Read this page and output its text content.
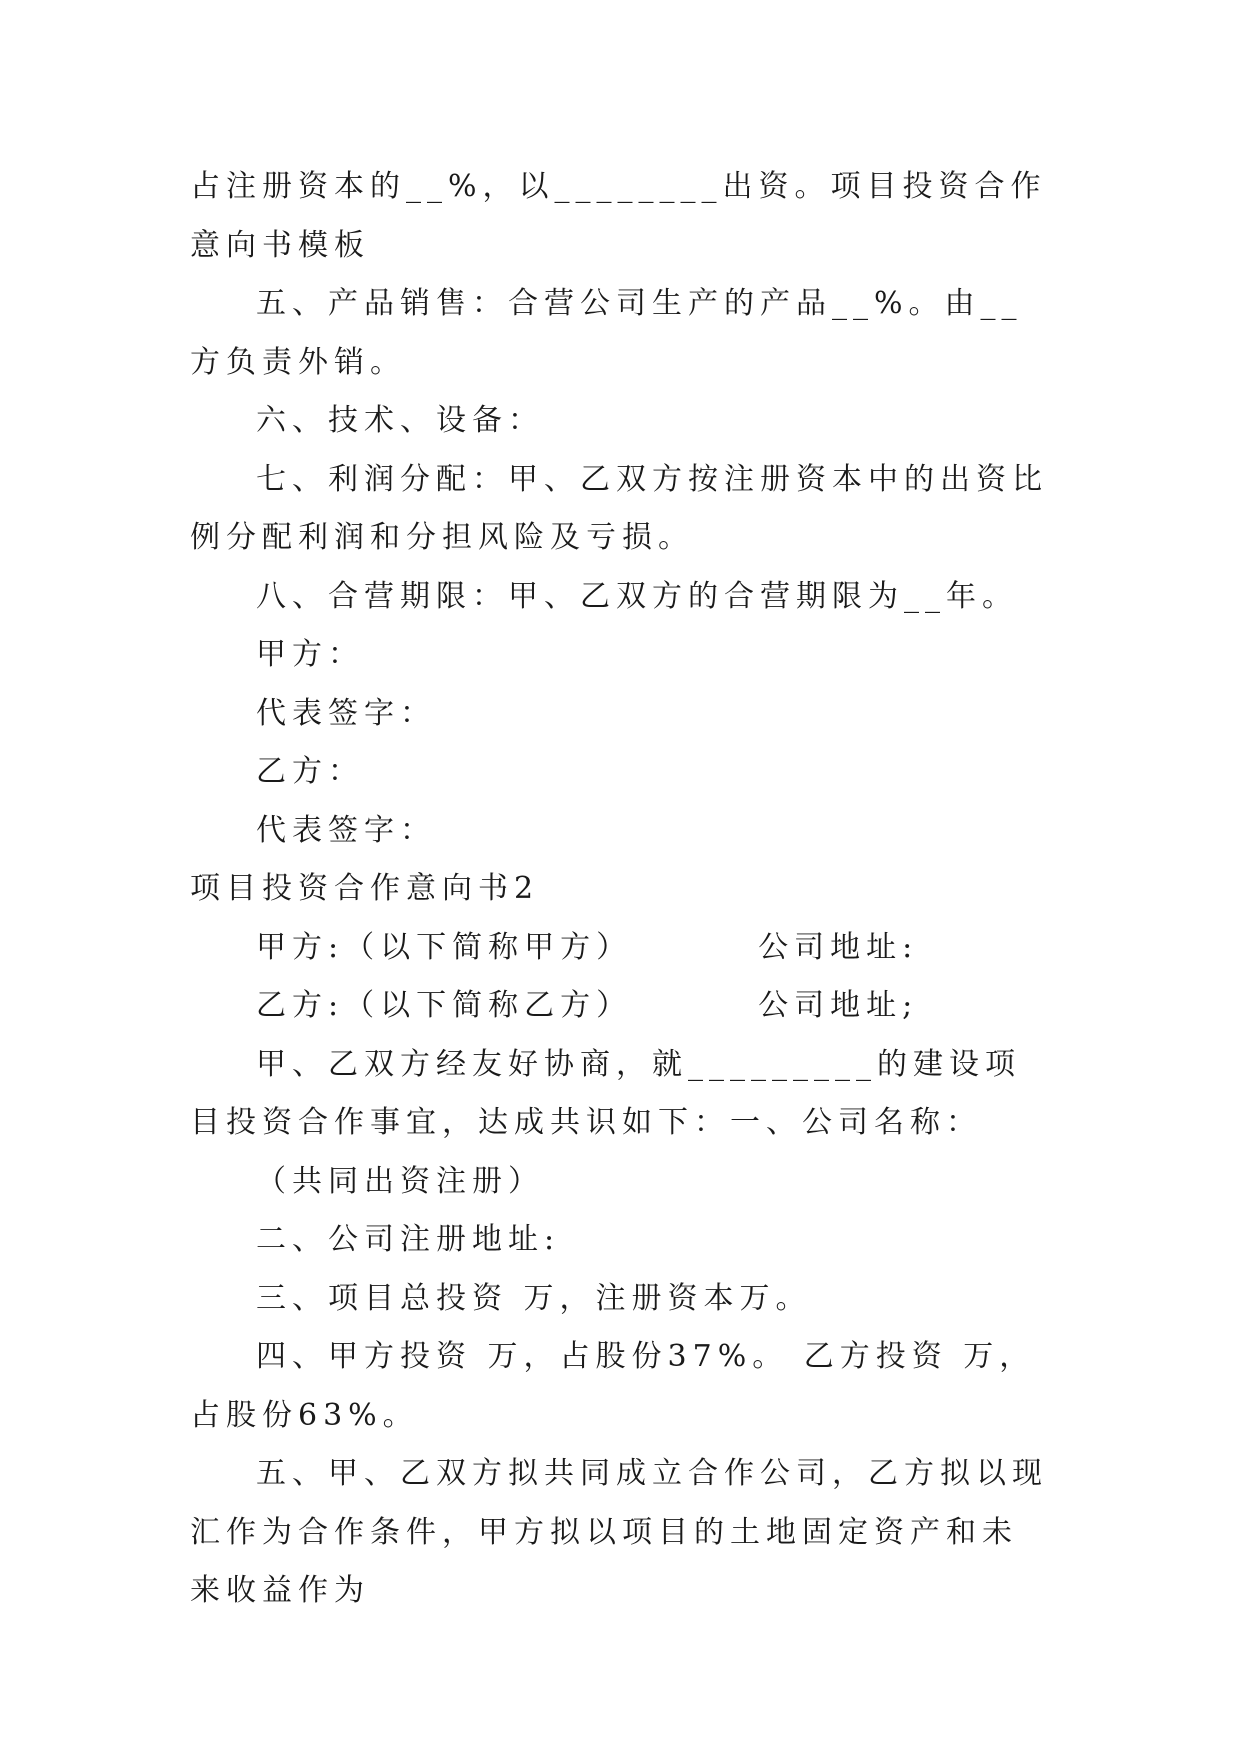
占注册资本的__%，以________出资。项目投资合作意向书模板

五、产品销售：合营公司生产的产品__%。由__方负责外销。

六、技术、设备：

七、利润分配：甲、乙双方按注册资本中的出资比例分配利润和分担风险及亏损。

八、合营期限：甲、乙双方的合营期限为__年。

甲方：

代表签字：

乙方：

代表签字：

项目投资合作意向书2

甲方:（以下简称甲方）	公司地址:

乙方:（以下简称乙方）	公司地址;

甲、乙双方经友好协商，就_________的建设项目投资合作事宜，达成共识如下：一、公司名称：

（共同出资注册）

二、公司注册地址:

三、项目总投资 万，注册资本万。

四、甲方投资 万，占股份37%。 乙方投资 万，占股份63%。

五、甲、乙双方拟共同成立合作公司，乙方拟以现汇作为合作条件，甲方拟以项目的土地固定资产和未来收益作为
